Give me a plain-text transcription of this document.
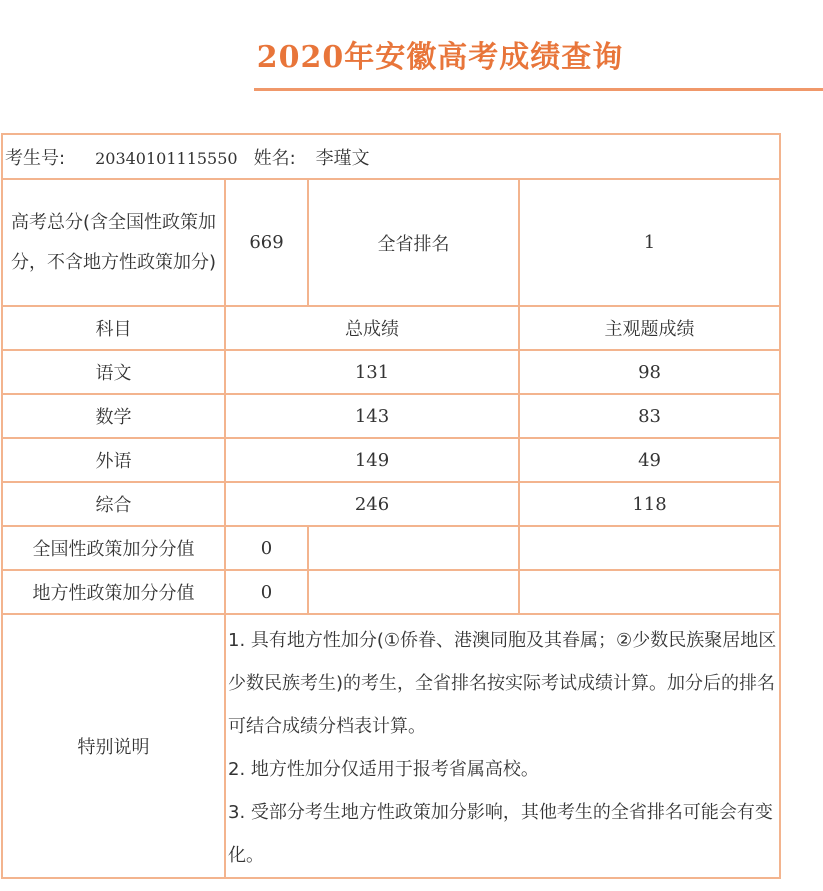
2020年安徽高考成绩查询
考生号: 20340101115550 姓名: 李瑾文			
高考总分(含全国性政策加分，不含地方性政策加分)	669	全省排名	1
科目	总成绩		主观题成绩
语文	131		98
数学	143		83
外语	149		49
综合	246		118
全国性政策加分分值	0		
地方性政策加分分值	0		
特别说明	1. 具有地方性加分(①侨眷、港澳同胞及其眷属；②少数民族聚居地区少数民族考生)的考生，全省排名按实际考试成绩计算。加分后的排名可结合成绩分档表计算。

2. 地方性加分仅适用于报考省属高校。

3. 受部分考生地方性政策加分影响，其他考生的全省排名可能会有变化。		
